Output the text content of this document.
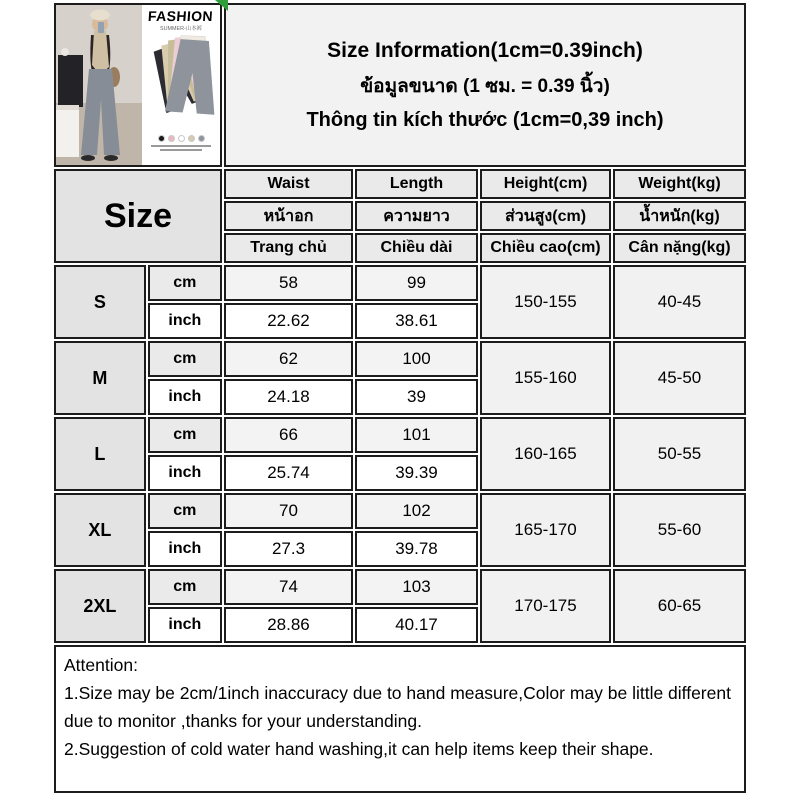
FASHION
SUMMER-山本裤

Size Information(1cm=0.39inch)
ข้อมูลขนาด (1 ซม. = 0.39 นิ้ว)
Thông tin kích thước (1cm=0,39 inch)

Size		Waist	Length	Height(cm)	Weight(kg)
		หน้าอก	ความยาว	ส่วนสูง(cm)	น้ำหนัก(kg)
		Trang chủ	Chiều dài	Chiều cao(cm)	Cân nặng(kg)
S	cm	58	99	150-155	40-45
	inch	22.62	38.61		
M	cm	62	100	155-160	45-50
	inch	24.18	39		
L	cm	66	101	160-165	50-55
	inch	25.74	39.39		
XL	cm	70	102	165-170	55-60
	inch	27.3	39.78		
2XL	cm	74	103	170-175	60-65
	inch	28.86	40.17		

Attention:
1.Size may be 2cm/1inch inaccuracy due to hand measure,Color may be little different due to monitor ,thanks for your understanding.
2.Suggestion of cold water hand washing,it can help items keep their shape.					
